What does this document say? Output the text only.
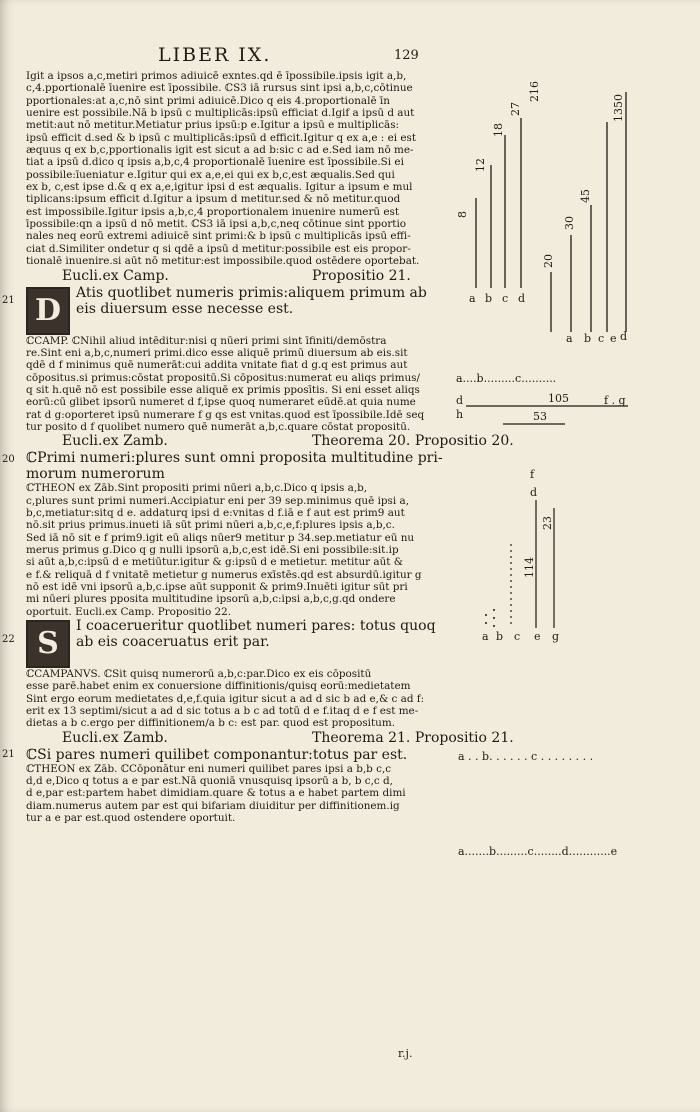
LIBER IX.	129

Igit a ipsos a,c,metiri primos adiuicē exntes.qd ē īpossibile.ipsis igit a,b,

c,4.pportionalē īuenire est īpossibile. ℂS3 iā rursus sint ipsi a,b,c,cōtinue

pportionales:at a,c,nō sint primi adiuicē.Dico q eis 4.proportionalē īn

uenire est possibile.Nā b ipsū c multiplicās:ipsū efficiat d.Igif a ipsū d aut

metit:aut nō metitur.Metiatur prius ipsū:p e.Igitur a ipsū e multiplicās:

ipsū efficit d.sed & b ipsū c multiplicās:ipsū d efficit.Igitur q ex a,e : ei est

æquus q ex b,c,pportionalis igit est sicut a ad b:sic c ad e.Sed iam nō me-

tiat a ipsū d.dico q ipsis a,b,c,4 proportionalē īuenire est īpossibile.Si ei

possibile:īueniatur e.Igitur qui ex a,e,ei qui ex b,c,est æqualis.Sed qui

ex b, c,est ipse d.& q ex a,e,igitur ipsi d est æqualis. Igitur a ipsum e mul

tiplicans:ipsum efficit d.Igitur a ipsum d metitur.sed & nō metitur.quod

est impossibile.Igitur ipsis a,b,c,4 proportionalem inuenire numerū est

īpossibile:qn a ipsū d nō metit. ℂS3 iā ipsi a,b,c,neq cōtinue sint pportio

nales neq eorū extremi adiuicē sint primi:& b ipsū c multiplicās ipsū effi-

ciat d.Similiter ondetur q si qdē a ipsū d metitur:possibile est eis propor-

tionalē inuenire.si aūt nō metitur:est impossibile.quod ostēdere oportebat.

Eucli.ex Camp.	Propositio 21.
21 D	Atis quotlibet numeris primis:aliquem primum ab

eis diuersum esse necesse est.

ℂCAMP. ℂNihil aliud intēditur:nisi q nūeri primi sint īfiniti/demōstra

re.Sint eni a,b,c,numeri primi.dico esse aliquē primū diuersum ab eis.sit

qdē d f minimus quē numerāt:cui addita vnitate fiat d g.q est primus aut

cōpositus.si primus:cōstat propositū.Si cōpositus:numerat eu aliqs primus/

q sit h.quē nō est possibile esse aliquē ex primis pposītis. Si eni esset aliqs

eorū:cū glibet ipsorū numeret d f,ipse quoq numeraret eūdē.at quia nume

rat d g:oporteret ipsū numerare f g qs est vnitas.quod est īpossibile.Idē seq

tur posito d f quolibet numero quē numerāt a,b,c.quare cōstat propositū.

Eucli.ex Zamb.	Theorema 20. Propositio 20.
20 ℂPrimi numeri:plures sunt omni proposita multitudine pri-

morum numerorum

ℂTHEON ex Zāb.Sint propositi primi nūeri a,b,c.Dico q ipsis a,b,

c,plures sunt primi numeri.Accipiatur eni per 39 sep.minimus quē ipsi a,

b,c,metiatur:sitq d e. addaturq ipsi d e:vnitas d f.iā e f aut est prim9 aut

nō.sit prius primus.inueti iā sūt primi nūeri a,b,c,e,f:plures ipsis a,b,c.

Sed iā nō sit e f prim9.igit eū aliqs nūer9 metitur p 34.sep.metiatur eū nu

merus primus g.Dico q g nulli ipsorū a,b,c,est idē.Si eni possibile:sit.ip

si aūt a,b,c:ipsū d e metiūtur.igitur & g:ipsū d e metietur. metitur aūt &

e f.& reliquā d f vnitatē metietur g numerus exīstēs.qd est absurdū.igitur g

nō est idē vni ipsorū a,b,c.ipse aūt supponit & prim9.Inuēti igitur sūt pri

mi nūeri plures pposita multitudine ipsorū a,b,c:ipsi a,b,c,g.qd ondere

oportuit. Eucli.ex Camp. Propositio 22.

22 S	I coacerueritur quotlibet numeri pares: totus quoq

ab eis coaceruatus erit par.

ℂCAMPANVS. ℂSit quisq numerorū a,b,c:par.Dico ex eis cōpositū

esse parē.habet enim ex conuersione diffinitionis/quisq eorū:medietatem

Sint ergo eorum medietates d,e,f.quia igitur sicut a ad d sic b ad e,& c ad f:

erit ex 13 septimi/sicut a ad d sic totus a b c ad totū d e f.itaq d e f est me-

dietas a b c.ergo per diffinitionem/a b c: est par. quod est propositum.

Eucli.ex Zamb.	Theorema 21. Propositio 21.
21 ℂSi pares numeri quilibet componantur:totus par est.

ℂTHEON ex Zāb. ℂCōponātur eni numeri quilibet pares ipsi a b,b c,c

d,d e,Dico q totus a e par est.Nā quoniā vnusquisq ipsorū a b, b c,c d,

d e,par est:partem habet dimidiam.quare & totus a e habet partem dimi

diam.numerus autem par est qui bifariam diuiditur per diffinitionem.ig

tur a e par est.quod ostendere oportuit.

r.j.
8
12
18
27
a b c d
20
30
45
216
1350
a b c e d
a....b.........c..........
d	105	f . g
h	53
f
d
114
23
a b c e g
a . . b. . . . . . c . . . . . . . .
a.......b.........c........d............e
